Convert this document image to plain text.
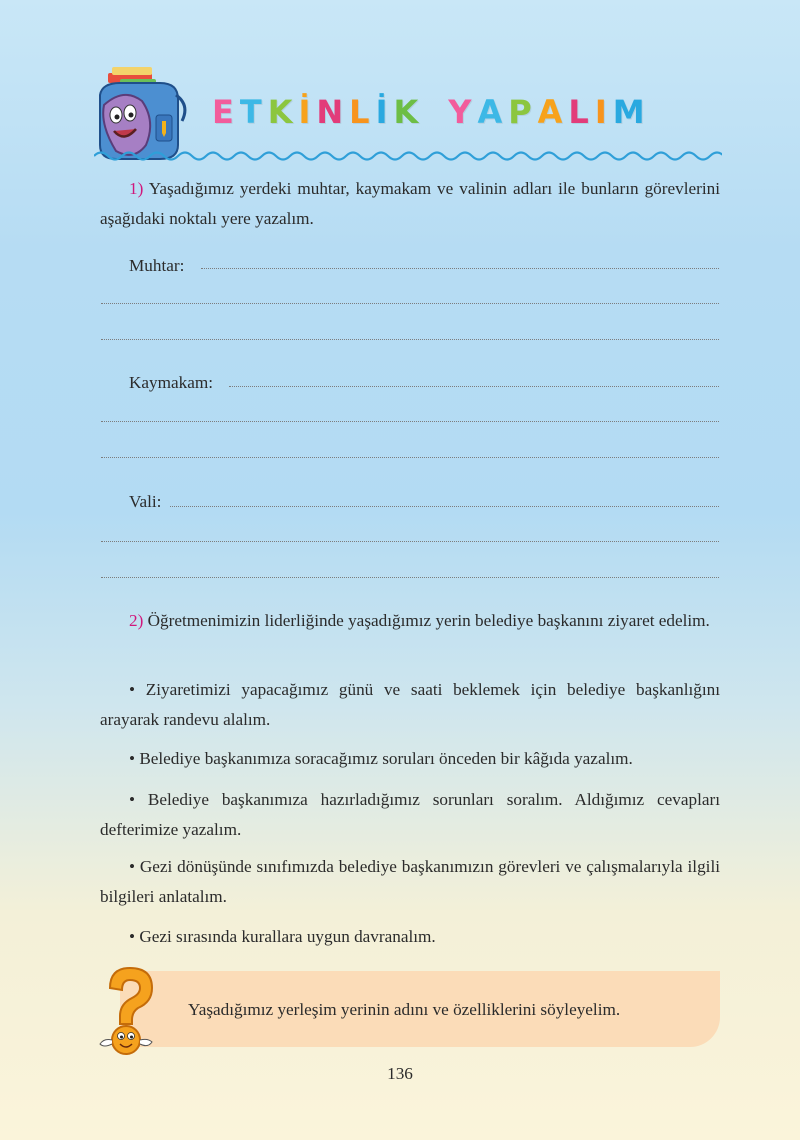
ETKİNLİK YAPALIM
1) Yaşadığımız yerdeki muhtar, kaymakam ve valinin adları ile bunların görevlerini aşağıdaki noktalı yere yazalım.
Muhtar:
Kaymakam:
Vali:
2) Öğretmenimizin liderliğinde yaşadığımız yerin belediye başkanını ziyaret edelim.
• Ziyaretimizi yapacağımız günü ve saati beklemek için belediye başkanlığını arayarak randevu alalım.
• Belediye başkanımıza soracağımız soruları önceden bir kâğıda yazalım.
• Belediye başkanımıza hazırladığımız sorunları soralım. Aldığımız cevapları defterimize yazalım.
• Gezi dönüşünde sınıfımızda belediye başkanımızın görevleri ve çalışmalarıyla ilgili bilgileri anlatalım.
• Gezi sırasında kurallara uygun davranalım.
Yaşadığımız yerleşim yerinin adını ve özelliklerini söyleyelim.
136
